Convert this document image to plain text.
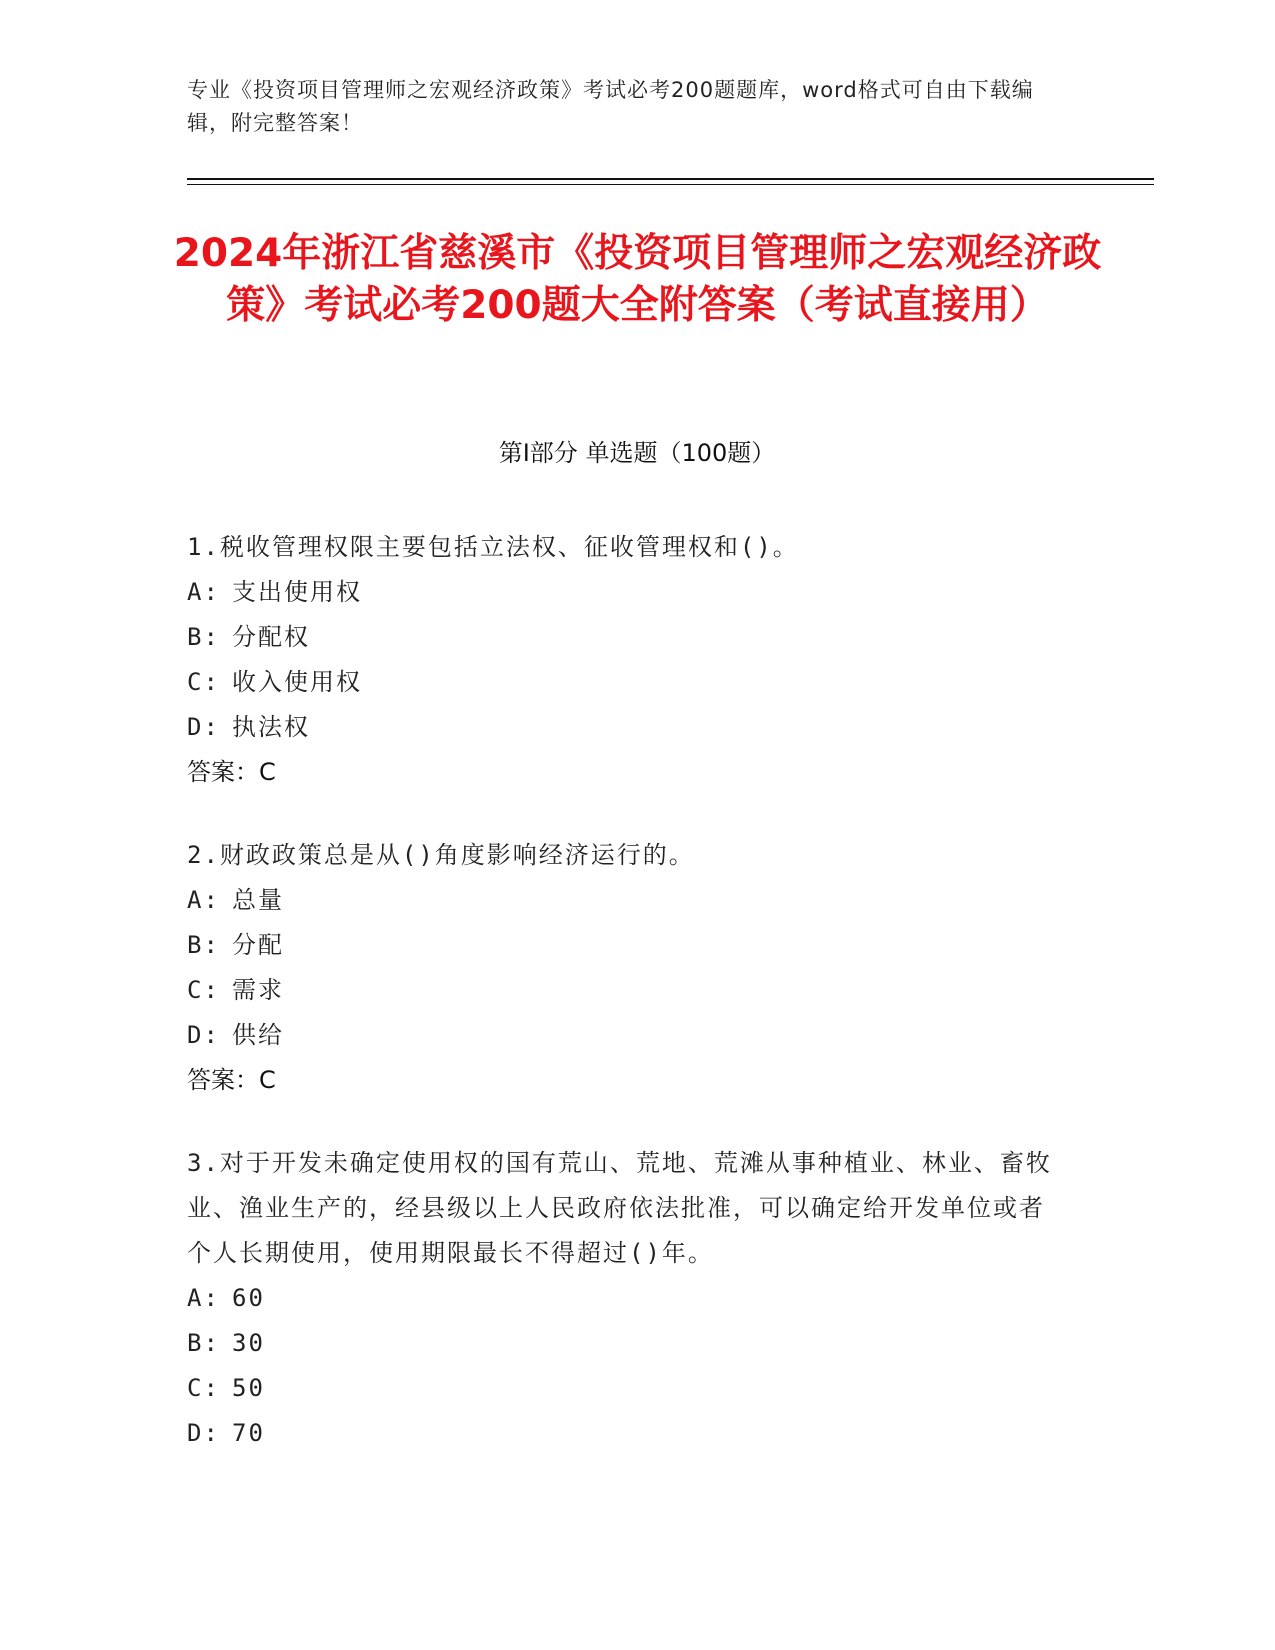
专业《投资项目管理师之宏观经济政策》考试必考200题题库，word格式可自由下载编辑，附完整答案！
2024年浙江省慈溪市《投资项目管理师之宏观经济政策》考试必考200题大全附答案（考试直接用）
第Ⅰ部分 单选题（100题）
1.税收管理权限主要包括立法权、征收管理权和()。
A: 支出使用权
B: 分配权
C: 收入使用权
D: 执法权
答案：C
2.财政政策总是从()角度影响经济运行的。
A: 总量
B: 分配
C: 需求
D: 供给
答案：C
3.对于开发未确定使用权的国有荒山、荒地、荒滩从事种植业、林业、畜牧业、渔业生产的，经县级以上人民政府依法批准，可以确定给开发单位或者个人长期使用，使用期限最长不得超过()年。
A: 60
B: 30
C: 50
D: 70
